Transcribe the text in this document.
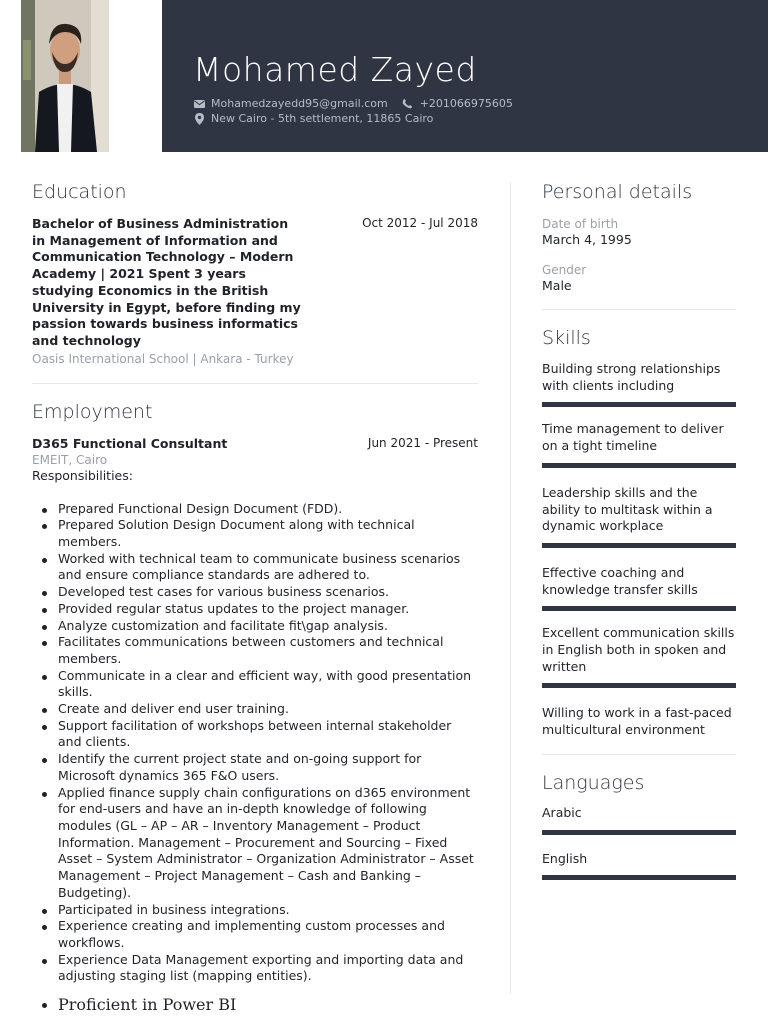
Mohamed Zayed
Mohamedzayedd95@gmail.com	+201066975605
New Cairo - 5th settlement, 11865 Cairo
Education
Bachelor of Business Administration in Management of Information and Communication Technology – Modern Academy | 2021 Spent 3 years studying Economics in the British University in Egypt, before finding my passion towards business informatics and technology
Oct 2012 - Jul 2018
Oasis International School | Ankara - Turkey
Employment
D365 Functional Consultant	Jun 2021 - Present
EMEIT, Cairo
Responsibilities:
Prepared Functional Design Document (FDD).
Prepared Solution Design Document along with technical members.
Worked with technical team to communicate business scenarios and ensure compliance standards are adhered to.
Developed test cases for various business scenarios.
Provided regular status updates to the project manager.
Analyze customization and facilitate fit\gap analysis.
Facilitates communications between customers and technical members.
Communicate in a clear and efficient way, with good presentation skills.
Create and deliver end user training.
Support facilitation of workshops between internal stakeholder and clients.
Identify the current project state and on-going support for Microsoft dynamics 365 F&O users.
Applied finance supply chain configurations on d365 environment for end-users and have an in-depth knowledge of following modules (GL – AP – AR – Inventory Management – Product Information. Management – Procurement and Sourcing – Fixed Asset – System Administrator – Organization Administrator – Asset Management – Project Management – Cash and Banking – Budgeting).
Participated in business integrations.
Experience creating and implementing custom processes and workflows.
Experience Data Management exporting and importing data and adjusting staging list (mapping entities).
Proficient in Power BI
Personal details
Date of birth
March 4, 1995
Gender
Male
Skills
Building strong relationships with clients including
Time management to deliver on a tight timeline
Leadership skills and the ability to multitask within a dynamic workplace
Effective coaching and knowledge transfer skills
Excellent communication skills in English both in spoken and written
Willing to work in a fast-paced multicultural environment
Languages
Arabic
English
